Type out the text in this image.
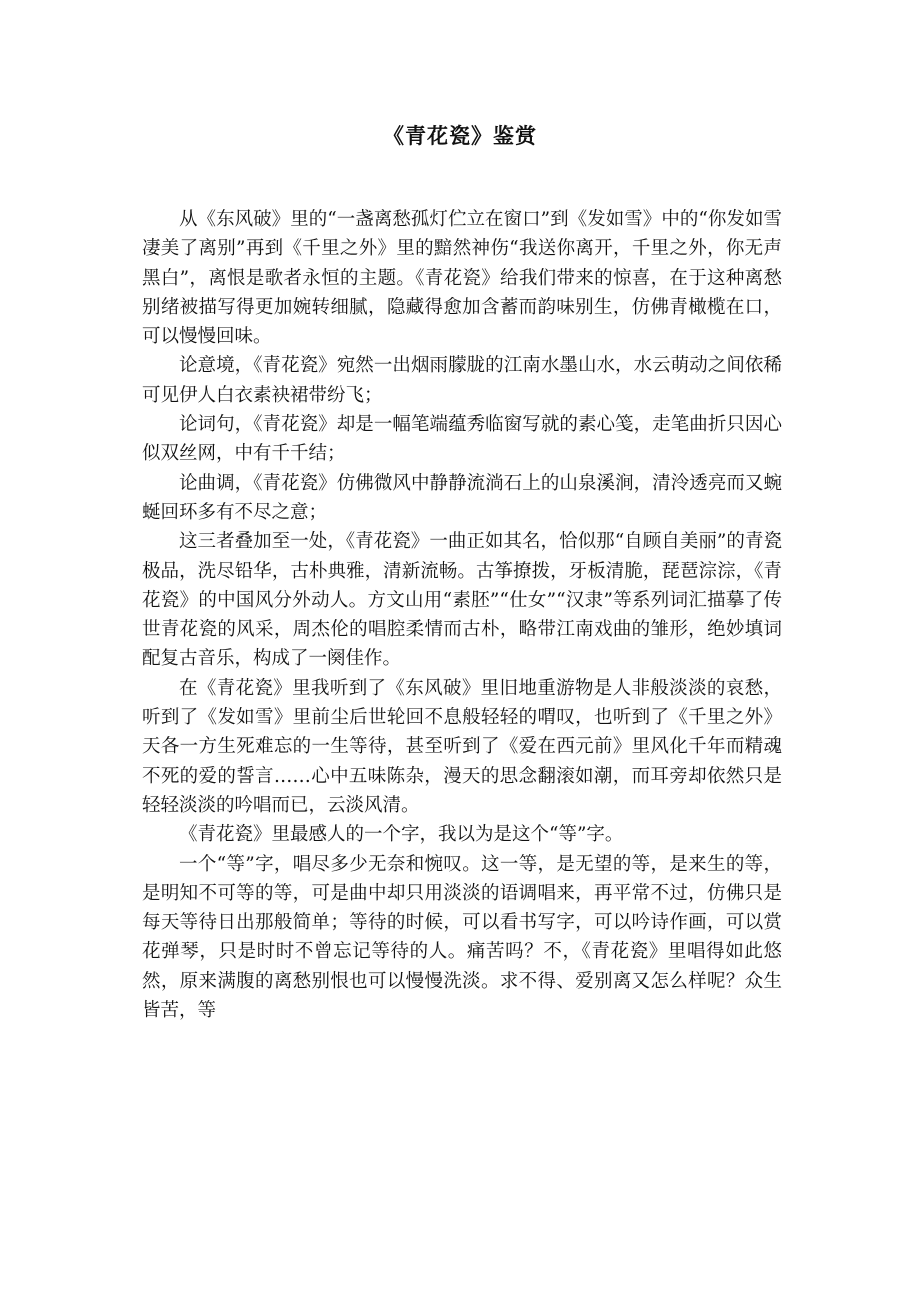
《青花瓷》鉴赏

从《东风破》里的“一盏离愁孤灯伫立在窗口”到《发如雪》中的“你发如雪凄美了离别”再到《千里之外》里的黯然神伤“我送你离开，千里之外，你无声黑白”，离恨是歌者永恒的主题。《青花瓷》给我们带来的惊喜，在于这种离愁别绪被描写得更加婉转细腻，隐藏得愈加含蓄而韵味别生，仿佛青橄榄在口，可以慢慢回味。

论意境，《青花瓷》宛然一出烟雨朦胧的江南水墨山水，水云萌动之间依稀可见伊人白衣素袂裙带纷飞；

论词句，《青花瓷》却是一幅笔端蕴秀临窗写就的素心笺，走笔曲折只因心似双丝网，中有千千结；

论曲调，《青花瓷》仿佛微风中静静流淌石上的山泉溪涧，清泠透亮而又蜿蜒回环多有不尽之意；

这三者叠加至一处，《青花瓷》一曲正如其名，恰似那“自顾自美丽”的青瓷极品，洗尽铅华，古朴典雅，清新流畅。古筝撩拨，牙板清脆，琵琶淙淙，《青花瓷》的中国风分外动人。方文山用“素胚”“仕女”“汉隶”等系列词汇描摹了传世青花瓷的风采，周杰伦的唱腔柔情而古朴，略带江南戏曲的雏形，绝妙填词配复古音乐，构成了一阕佳作。

在《青花瓷》里我听到了《东风破》里旧地重游物是人非般淡淡的哀愁，听到了《发如雪》里前尘后世轮回不息般轻轻的喟叹，也听到了《千里之外》天各一方生死难忘的一生等待，甚至听到了《爱在西元前》里风化千年而精魂不死的爱的誓言……心中五味陈杂，漫天的思念翻滚如潮，而耳旁却依然只是轻轻淡淡的吟唱而已，云淡风清。

《青花瓷》里最感人的一个字，我以为是这个“等”字。

一个“等”字，唱尽多少无奈和惋叹。这一等，是无望的等，是来生的等，是明知不可等的等，可是曲中却只用淡淡的语调唱来，再平常不过，仿佛只是每天等待日出那般简单；等待的时候，可以看书写字，可以吟诗作画，可以赏花弹琴，只是时时不曾忘记等待的人。痛苦吗？不，《青花瓷》里唱得如此悠然，原来满腹的离愁别恨也可以慢慢洗淡。求不得、爱别离又怎么样呢？众生皆苦，等
